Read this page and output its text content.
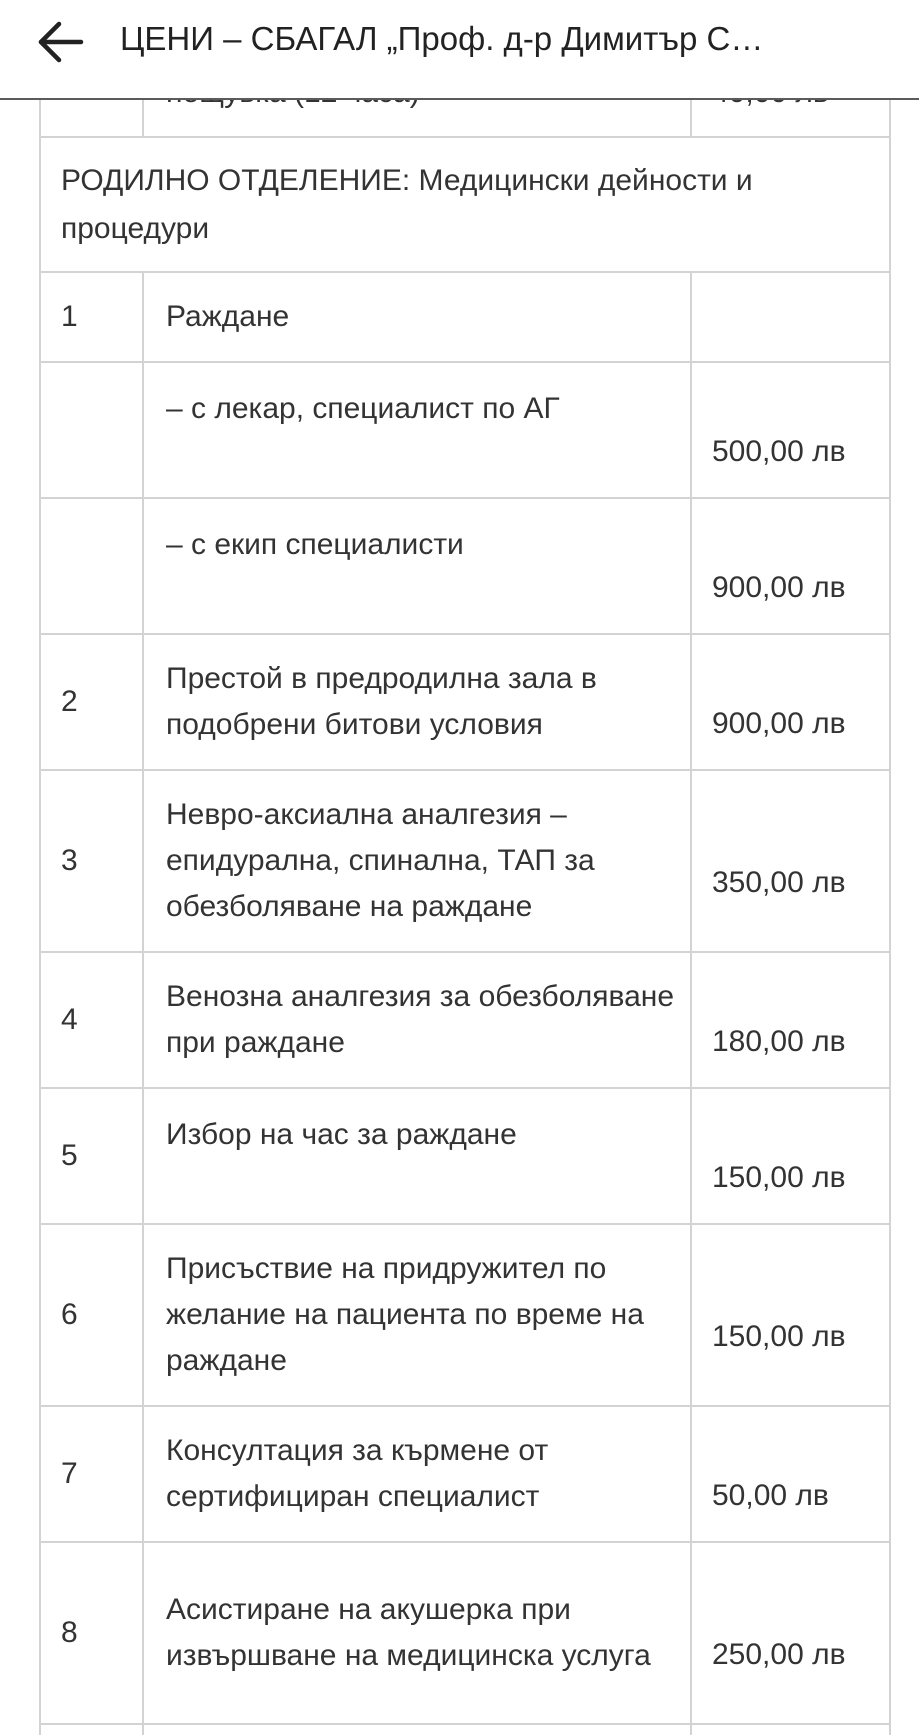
РОДИЛНО ОТДЕЛЕНИЕ: Медицински дейности и процедури		
1	Раждане	

	– с лекар, специалист по АГ	500,00 лв

	– с екип специалисти	900,00 лв

2	Престой в предродилна зала в подобрени битови условия	900,00 лв

3	Невро-аксиална аналгезия – епидурална, спинална, ТАП за обезболяване на раждане	350,00 лв

4	Венозна аналгезия за обезболяване при раждане	180,00 лв

5	Избор на час за раждане	150,00 лв

6	Присъствие на придружител по желание на пациента по време на раждане	150,00 лв

7	Консултация за кърмене от сертифициран специалист	50,00 лв

8	Асистиране на акушерка при извършване на медицинска услуга	250,00 лв

ЦЕНИ – СБАГАЛ „Проф. д-р Димитър С…
